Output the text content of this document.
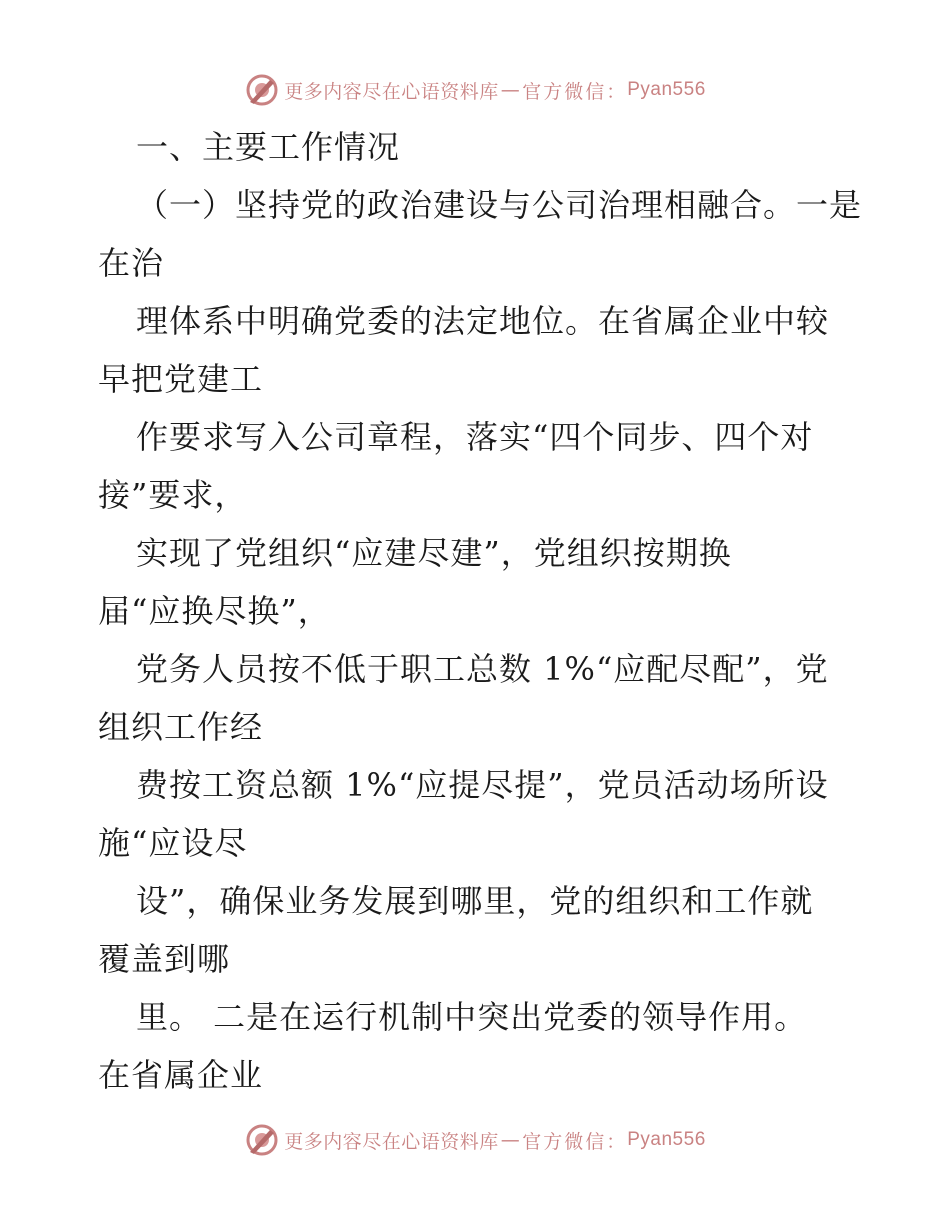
更多内容尽在心语资料库 — 官方微信： Pyan556
一、主要工作情况
（一）坚持党的政治建设与公司治理相融合。一是
在治
理体系中明确党委的法定地位。在省属企业中较
早把党建工
作要求写入公司章程，落实“四个同步、四个对
接”要求，
实现了党组织“应建尽建”，党组织按期换
届“应换尽换”，
党务人员按不低于职工总数 1%“应配尽配”，党
组织工作经
费按工资总额 1%“应提尽提”，党员活动场所设
施“应设尽
设”，确保业务发展到哪里，党的组织和工作就
覆盖到哪
里。 二是在运行机制中突出党委的领导作用。
在省属企业
更多内容尽在心语资料库 — 官方微信： Pyan556
